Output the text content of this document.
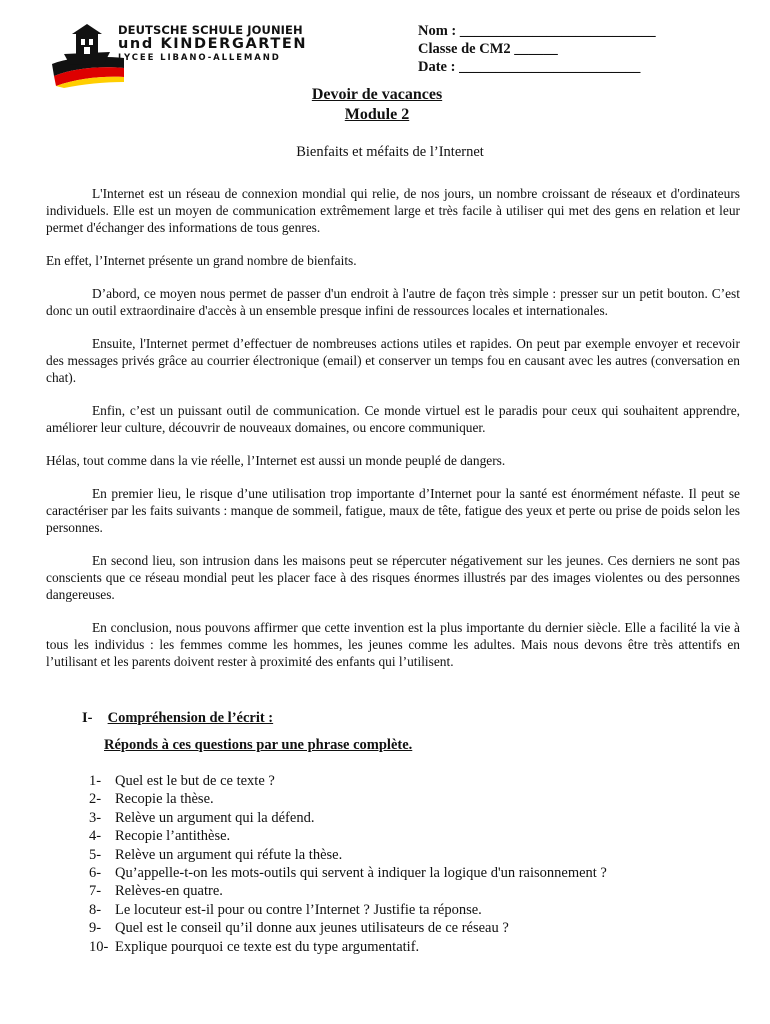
DEUTSCHE SCHULE JOUNIEH
und KINDERGARTEN
LYCEE LIBANO-ALLEMAND
Nom : ___________________________
Classe de CM2 ______
Date : _________________________
Devoir de vacances
Module 2
Bienfaits et méfaits de l’Internet

L'Internet est un réseau de connexion mondial qui relie, de nos jours, un nombre croissant de réseaux et d'ordinateurs individuels. Elle est un moyen de communication extrêmement large et très facile à utiliser qui met des gens en relation et leur permet d'échanger des informations de tous genres.

En effet, l’Internet présente un grand nombre de bienfaits.

D’abord, ce moyen nous permet de passer d'un endroit à l'autre de façon très simple : presser sur un petit bouton. C’est donc un outil extraordinaire d'accès à un ensemble presque infini de ressources locales et internationales.

Ensuite, l'Internet permet d’effectuer de nombreuses actions utiles et rapides. On peut par exemple envoyer et recevoir des messages privés grâce au courrier électronique (email) et conserver un temps fou en causant avec les autres (conversation en chat).

Enfin, c’est un puissant outil de communication. Ce monde virtuel est le paradis pour ceux qui souhaitent apprendre, améliorer leur culture, découvrir de nouveaux domaines, ou encore communiquer.

Hélas, tout comme dans la vie réelle, l’Internet est aussi un monde peuplé de dangers.

En premier lieu, le risque d’une utilisation trop importante d’Internet pour la santé est énormément néfaste. Il peut se caractériser par les faits suivants : manque de sommeil, fatigue, maux de tête, fatigue des yeux et perte ou prise de poids selon les personnes.

En second lieu, son intrusion dans les maisons peut se répercuter négativement sur les jeunes. Ces derniers ne sont pas conscients que ce réseau mondial peut les placer face à des risques énormes illustrés par des images violentes ou des personnes dangereuses.

En conclusion, nous pouvons affirmer que cette invention est la plus importante du dernier siècle. Elle a facilité la vie à tous les individus : les femmes comme les hommes, les jeunes comme les adultes. Mais nous devons être très attentifs en l’utilisant et les parents doivent rester à proximité des enfants qui l’utilisent.

I- Compréhension de l’écrit :
Réponds à ces questions par une phrase complète.
1- Quel est le but de ce texte ?
2- Recopie la thèse.
3- Relève un argument qui la défend.
4- Recopie l’antithèse.
5- Relève un argument qui réfute la thèse.
6- Qu’appelle-t-on les mots-outils qui servent à indiquer la logique d'un raisonnement ?
7- Relèves-en quatre.
8- Le locuteur est-il pour ou contre l’Internet ? Justifie ta réponse.
9- Quel est le conseil qu’il donne aux jeunes utilisateurs de ce réseau ?
10- Explique pourquoi ce texte est du type argumentatif.
